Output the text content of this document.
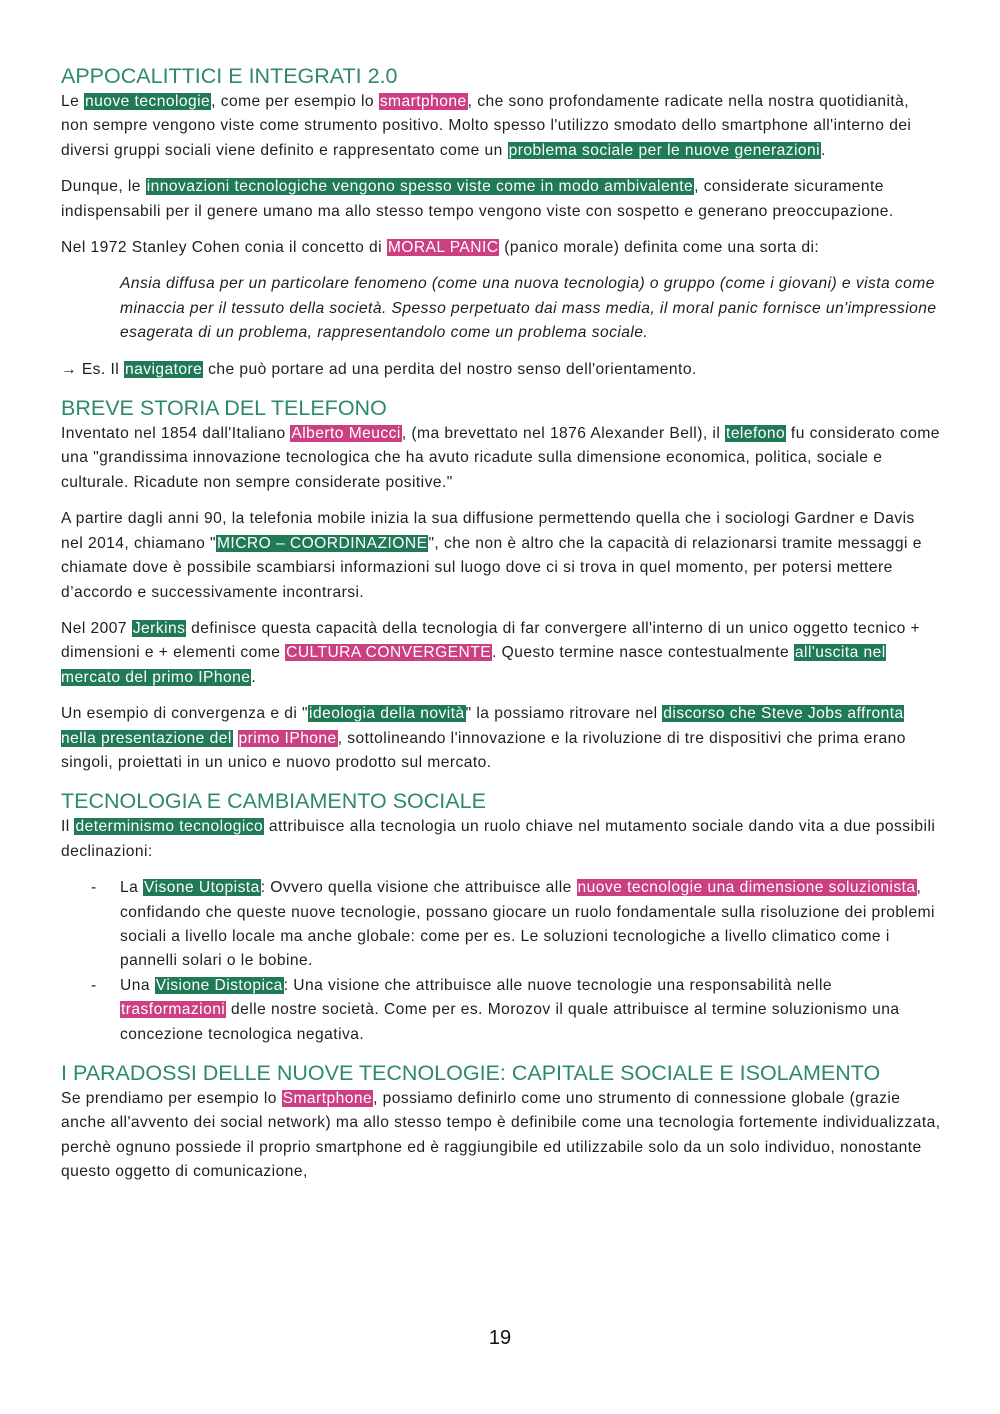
APPOCALITTICI E INTEGRATI 2.0

Le nuove tecnologie, come per esempio lo smartphone, che sono profondamente radicate nella nostra quotidianità, non sempre vengono viste come strumento positivo. Molto spesso l'utilizzo smodato dello smartphone all'interno dei diversi gruppi sociali viene definito e rappresentato come un problema sociale per le nuove generazioni.

Dunque, le innovazioni tecnologiche vengono spesso viste come in modo ambivalente, considerate sicuramente indispensabili per il genere umano ma allo stesso tempo vengono viste con sospetto e generano preoccupazione.

Nel 1972 Stanley Cohen conia il concetto di MORAL PANIC (panico morale) definita come una sorta di:

Ansia diffusa per un particolare fenomeno (come una nuova tecnologia) o gruppo (come i giovani) e vista come minaccia per il tessuto della società. Spesso perpetuato dai mass media, il moral panic fornisce un'impressione esagerata di un problema, rappresentandolo come un problema sociale.

→ Es. Il navigatore che può portare ad una perdita del nostro senso dell'orientamento.

BREVE STORIA DEL TELEFONO

Inventato nel 1854 dall'Italiano Alberto Meucci, (ma brevettato nel 1876 Alexander Bell), il telefono fu considerato come una "grandissima innovazione tecnologica che ha avuto ricadute sulla dimensione economica, politica, sociale e culturale. Ricadute non sempre considerate positive."

A partire dagli anni 90, la telefonia mobile inizia la sua diffusione permettendo quella che i sociologi Gardner e Davis nel 2014, chiamano "MICRO – COORDINAZIONE", che non è altro che la capacità di relazionarsi tramite messaggi e chiamate dove è possibile scambiarsi informazioni sul luogo dove ci si trova in quel momento, per potersi mettere d’accordo e successivamente incontrarsi.

Nel 2007 Jerkins definisce questa capacità della tecnologia di far convergere all'interno di un unico oggetto tecnico + dimensioni e + elementi come CULTURA CONVERGENTE. Questo termine nasce contestualmente all'uscita nel mercato del primo IPhone.

Un esempio di convergenza e di "ideologia della novità" la possiamo ritrovare nel discorso che Steve Jobs affronta nella presentazione del primo IPhone, sottolineando l'innovazione e la rivoluzione di tre dispositivi che prima erano singoli, proiettati in un unico e nuovo prodotto sul mercato.

TECNOLOGIA E CAMBIAMENTO SOCIALE

Il determinismo tecnologico attribuisce alla tecnologia un ruolo chiave nel mutamento sociale dando vita a due possibili declinazioni:

- La Visone Utopista: Ovvero quella visione che attribuisce alle nuove tecnologie una dimensione soluzionista, confidando che queste nuove tecnologie, possano giocare un ruolo fondamentale sulla risoluzione dei problemi sociali a livello locale ma anche globale: come per es. Le soluzioni tecnologiche a livello climatico come i pannelli solari o le bobine.
- Una Visione Distopica: Una visione che attribuisce alle nuove tecnologie una responsabilità nelle trasformazioni delle nostre società. Come per es. Morozov il quale attribuisce al termine soluzionismo una concezione tecnologica negativa.
I PARADOSSI DELLE NUOVE TECNOLOGIE: CAPITALE SOCIALE E ISOLAMENTO

Se prendiamo per esempio lo Smartphone, possiamo definirlo come uno strumento di connessione globale (grazie anche all'avvento dei social network) ma allo stesso tempo è definibile come una tecnologia fortemente individualizzata, perchè ognuno possiede il proprio smartphone ed è raggiungibile ed utilizzabile solo da un solo individuo, nonostante questo oggetto di comunicazione,

19
